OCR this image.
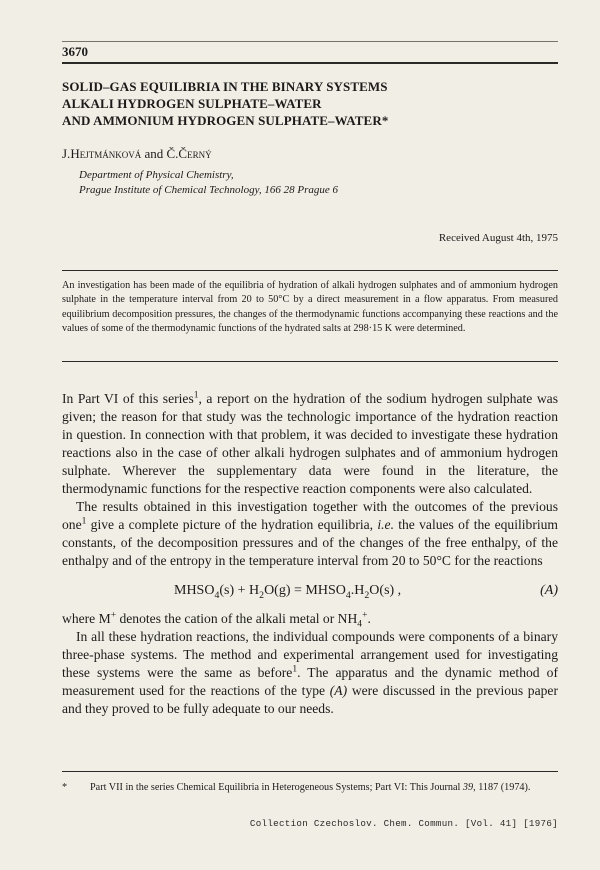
3670
SOLID–GAS EQUILIBRIA IN THE BINARY SYSTEMS
ALKALI HYDROGEN SULPHATE–WATER
AND AMMONIUM HYDROGEN SULPHATE–WATER*
J.Hejtmánková and Č.Černý
Department of Physical Chemistry,
Prague Institute of Chemical Technology, 166 28 Prague 6
Received August 4th, 1975
An investigation has been made of the equilibria of hydration of alkali hydrogen sulphates and of ammonium hydrogen sulphate in the temperature interval from 20 to 50°C by a direct measurement in a flow apparatus. From measured equilibrium decomposition pressures, the changes of the thermodynamic functions accompanying these reactions and the values of some of the thermodynamic functions of the hydrated salts at 298·15 K were determined.

In Part VI of this series$^1$, a report on the hydration of the sodium hydrogen sulphate was given; the reason for that study was the technologic importance of the hydration reaction in question. In connection with that problem, it was decided to investigate these hydration reactions also in the case of other alkali hydrogen sulphates and of ammonium hydrogen sulphate. Wherever the supplementary data were found in the literature, the thermodynamic functions for the respective reaction components were also calculated.

The results obtained in this investigation together with the outcomes of the previous one$^1$ give a complete picture of the hydration equilibria, i.e. the values of the equilibrium constants, of the decomposition pressures and of the changes of the free enthalpy, of the enthalpy and of the entropy in the temperature interval from 20 to 50°C for the reactions

$MHSO_4(s) + H_2O(g)$ = $MHSO_4.H_2O(s)$ ,	(A)

where M+ denotes the cation of the alkali metal or $NH_4^+$.

In all these hydration reactions, the individual compounds were components of a binary three-phase systems. The method and experimental arrangement used for investigating these systems were the same as before$^1$. The apparatus and the dynamic method of measurement used for the reactions of the type (A) were discussed in the previous paper and they proved to be fully adequate to our needs.

* Part VII in the series Chemical Equilibria in Heterogeneous Systems; Part VI: This Journal 39, 1187 (1974).
Collection Czechoslov. Chem. Commun. [Vol. 41] [1976]
